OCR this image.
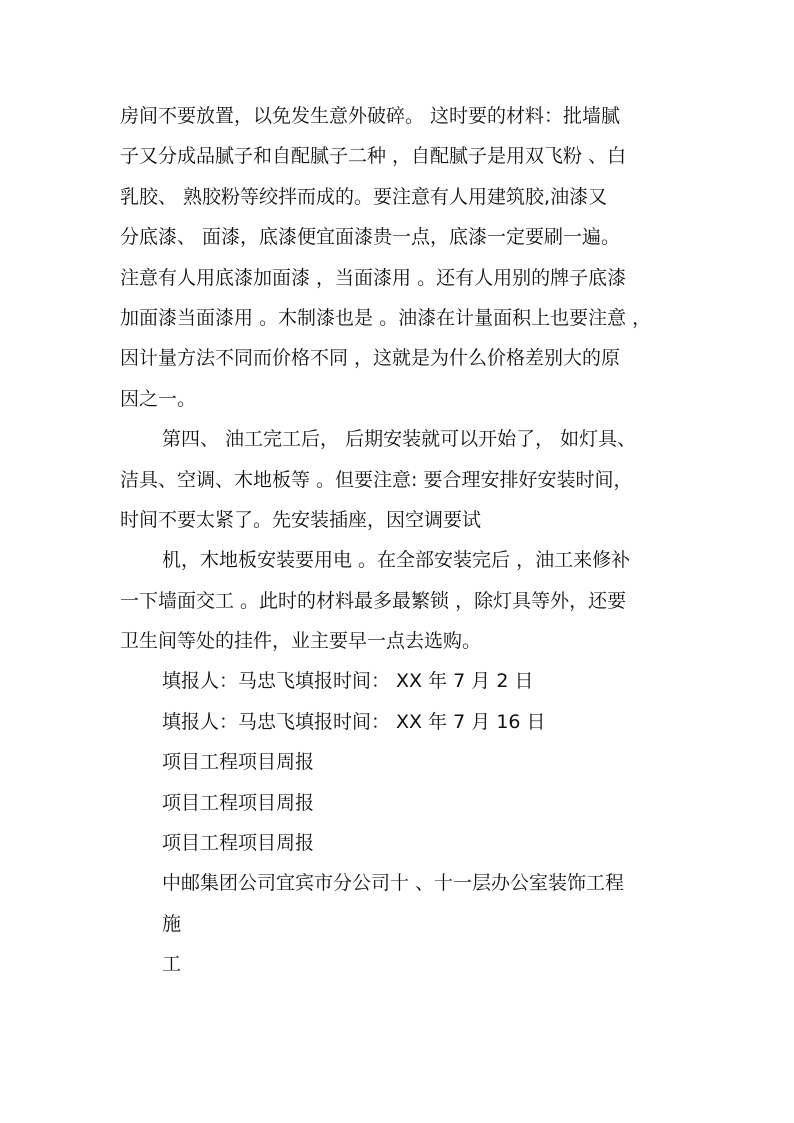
房间不要放置，以免发生意外破碎。 这时要的材料：批墙腻
子又分成品腻子和自配腻子二种 ，自配腻子是用双飞粉 、白
乳胶、 熟胶粉等绞拌而成的。要注意有人用建筑胶,油漆又
分底漆、 面漆，底漆便宜面漆贵一点，底漆一定要刷一遍。
注意有人用底漆加面漆 ，当面漆用 。还有人用别的牌子底漆
加面漆当面漆用 。木制漆也是 。油漆在计量面积上也要注意 ，
因计量方法不同而价格不同 ，这就是为什么价格差别大的原
因之一。
第四、 油工完工后， 后期安装就可以开始了， 如灯具、
洁具、空调、木地板等 。但要注意: 要合理安排好安装时间，
时间不要太紧了。先安装插座，因空调要试
机，木地板安装要用电 。在全部安装完后 ，油工来修补
一下墙面交工 。此时的材料最多最繁锁 ，除灯具等外，还要
卫生间等处的挂件，业主要早一点去选购。
填报人：马忠飞填报时间： XX 年 7 月 2 日
填报人：马忠飞填报时间： XX 年 7 月 16 日
项目工程项目周报
项目工程项目周报
项目工程项目周报
中邮集团公司宜宾市分公司十 、十一层办公室装饰工程
施
工
